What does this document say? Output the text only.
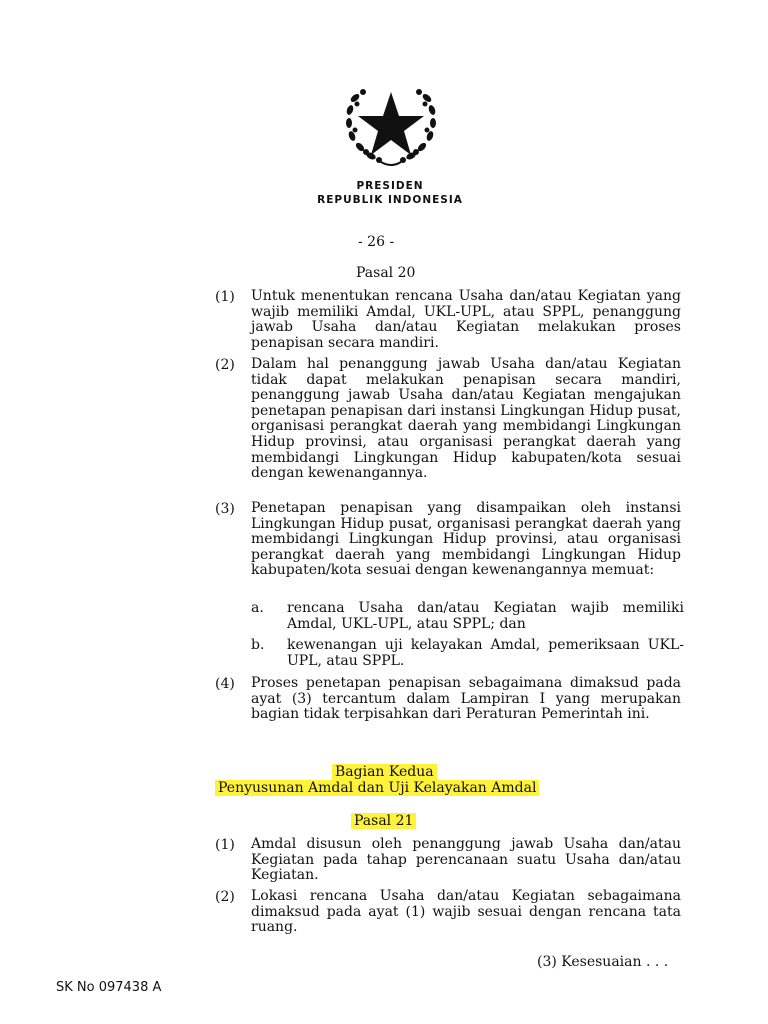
PRESIDEN
REPUBLIK INDONESIA
- 26 -
Pasal 20
(1) Untuk menentukan rencana Usaha dan/atau Kegiatan yang wajib memiliki Amdal, UKL-UPL, atau SPPL, penanggung jawab Usaha dan/atau Kegiatan melakukan proses penapisan secara mandiri.
(2) Dalam hal penanggung jawab Usaha dan/atau Kegiatan tidak dapat melakukan penapisan secara mandiri, penanggung jawab Usaha dan/atau Kegiatan mengajukan penetapan penapisan dari instansi Lingkungan Hidup pusat, organisasi perangkat daerah yang membidangi Lingkungan Hidup provinsi, atau organisasi perangkat daerah yang membidangi Lingkungan Hidup kabupaten/kota sesuai dengan kewenangannya.
(3) Penetapan penapisan yang disampaikan oleh instansi Lingkungan Hidup pusat, organisasi perangkat daerah yang membidangi Lingkungan Hidup provinsi, atau organisasi perangkat daerah yang membidangi Lingkungan Hidup kabupaten/kota sesuai dengan kewenangannya memuat:
a. rencana Usaha dan/atau Kegiatan wajib memiliki Amdal, UKL-UPL, atau SPPL; dan
b. kewenangan uji kelayakan Amdal, pemeriksaan UKL-UPL, atau SPPL.
(4) Proses penetapan penapisan sebagaimana dimaksud pada ayat (3) tercantum dalam Lampiran I yang merupakan bagian tidak terpisahkan dari Peraturan Pemerintah ini.
Bagian Kedua
Penyusunan Amdal dan Uji Kelayakan Amdal
Pasal 21
(1) Amdal disusun oleh penanggung jawab Usaha dan/atau Kegiatan pada tahap perencanaan suatu Usaha dan/atau Kegiatan.
(2) Lokasi rencana Usaha dan/atau Kegiatan sebagaimana dimaksud pada ayat (1) wajib sesuai dengan rencana tata ruang.
(3) Kesesuaian . . .
SK No 097438 A
